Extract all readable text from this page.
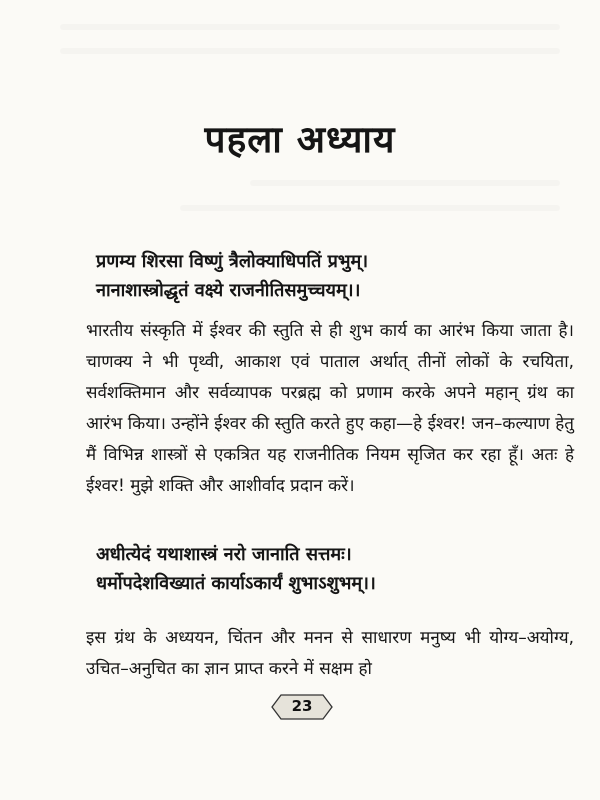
पहला अध्याय
प्रणम्य शिरसा विष्णुं त्रैलोक्याधिपतिं प्रभुम्।
नानाशास्त्रोद्धृतं वक्ष्ये राजनीतिसमुच्चयम्।।
भारतीय संस्कृति में ईश्वर की स्तुति से ही शुभ कार्य का आरंभ किया जाता है। चाणक्य ने भी पृथ्वी, आकाश एवं पाताल अर्थात् तीनों लोकों के रचयिता, सर्वशक्तिमान और सर्वव्यापक परब्रह्म को प्रणाम करके अपने महान् ग्रंथ का आरंभ किया। उन्होंने ईश्वर की स्तुति करते हुए कहा—हे ईश्वर! जन–कल्याण हेतु मैं विभिन्न शास्त्रों से एकत्रित यह राजनीतिक नियम सृजित कर रहा हूँ। अतः हे ईश्वर! मुझे शक्ति और आशीर्वाद प्रदान करें।
अधीत्येदं यथाशास्त्रं नरो जानाति सत्तमः।
धर्मोपदेशविख्यातं कार्याऽकार्यं शुभाऽशुभम्।।
इस ग्रंथ के अध्ययन, चिंतन और मनन से साधारण मनुष्य भी योग्य–अयोग्य, उचित–अनुचित का ज्ञान प्राप्त करने में सक्षम हो
23
